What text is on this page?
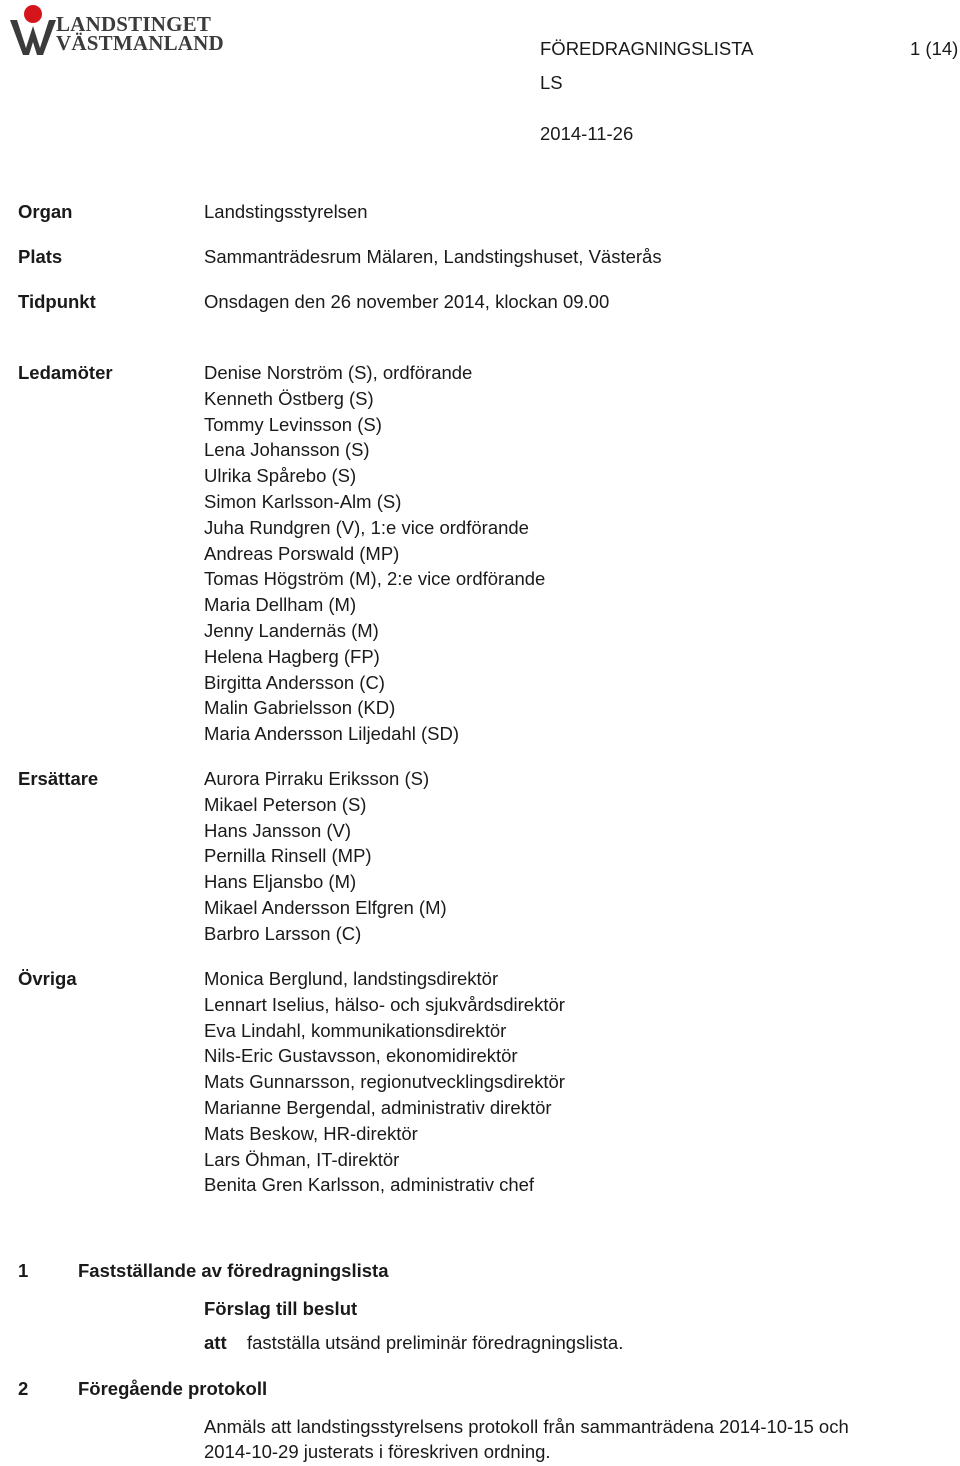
LANDSTINGET
VÄSTMANLAND	FÖREDRAGNINGSLISTA	1 (14)
LS
2014-11-26
Organ	Landstingsstyrelsen
Plats	Sammanträdesrum Mälaren, Landstingshuset, Västerås
Tidpunkt	Onsdagen den 26 november 2014, klockan 09.00
Ledamöter	Denise Norström (S), ordförande
Kenneth Östberg (S)
Tommy Levinsson (S)
Lena Johansson (S)
Ulrika Spårebo (S)
Simon Karlsson-Alm (S)
Juha Rundgren (V), 1:e vice ordförande
Andreas Porswald (MP)
Tomas Högström (M), 2:e vice ordförande
Maria Dellham (M)
Jenny Landernäs (M)
Helena Hagberg (FP)
Birgitta Andersson (C)
Malin Gabrielsson (KD)
Maria Andersson Liljedahl (SD)
Ersättare	Aurora Pirraku Eriksson (S)
Mikael Peterson (S)
Hans Jansson (V)
Pernilla Rinsell (MP)
Hans Eljansbo (M)
Mikael Andersson Elfgren (M)
Barbro Larsson (C)
Övriga	Monica Berglund, landstingsdirektör
Lennart Iselius, hälso- och sjukvårdsdirektör
Eva Lindahl, kommunikationsdirektör
Nils-Eric Gustavsson, ekonomidirektör
Mats Gunnarsson, regionutvecklingsdirektör
Marianne Bergendal, administrativ direktör
Mats Beskow, HR-direktör
Lars Öhman, IT-direktör
Benita Gren Karlsson, administrativ chef
1	Fastställande av föredragningslista
Förslag till beslut
att fastställa utsänd preliminär föredragningslista.
2	Föregående protokoll
Anmäls att landstingsstyrelsens protokoll från sammanträdena 2014-10-15 och
2014-10-29 justerats i föreskriven ordning.
